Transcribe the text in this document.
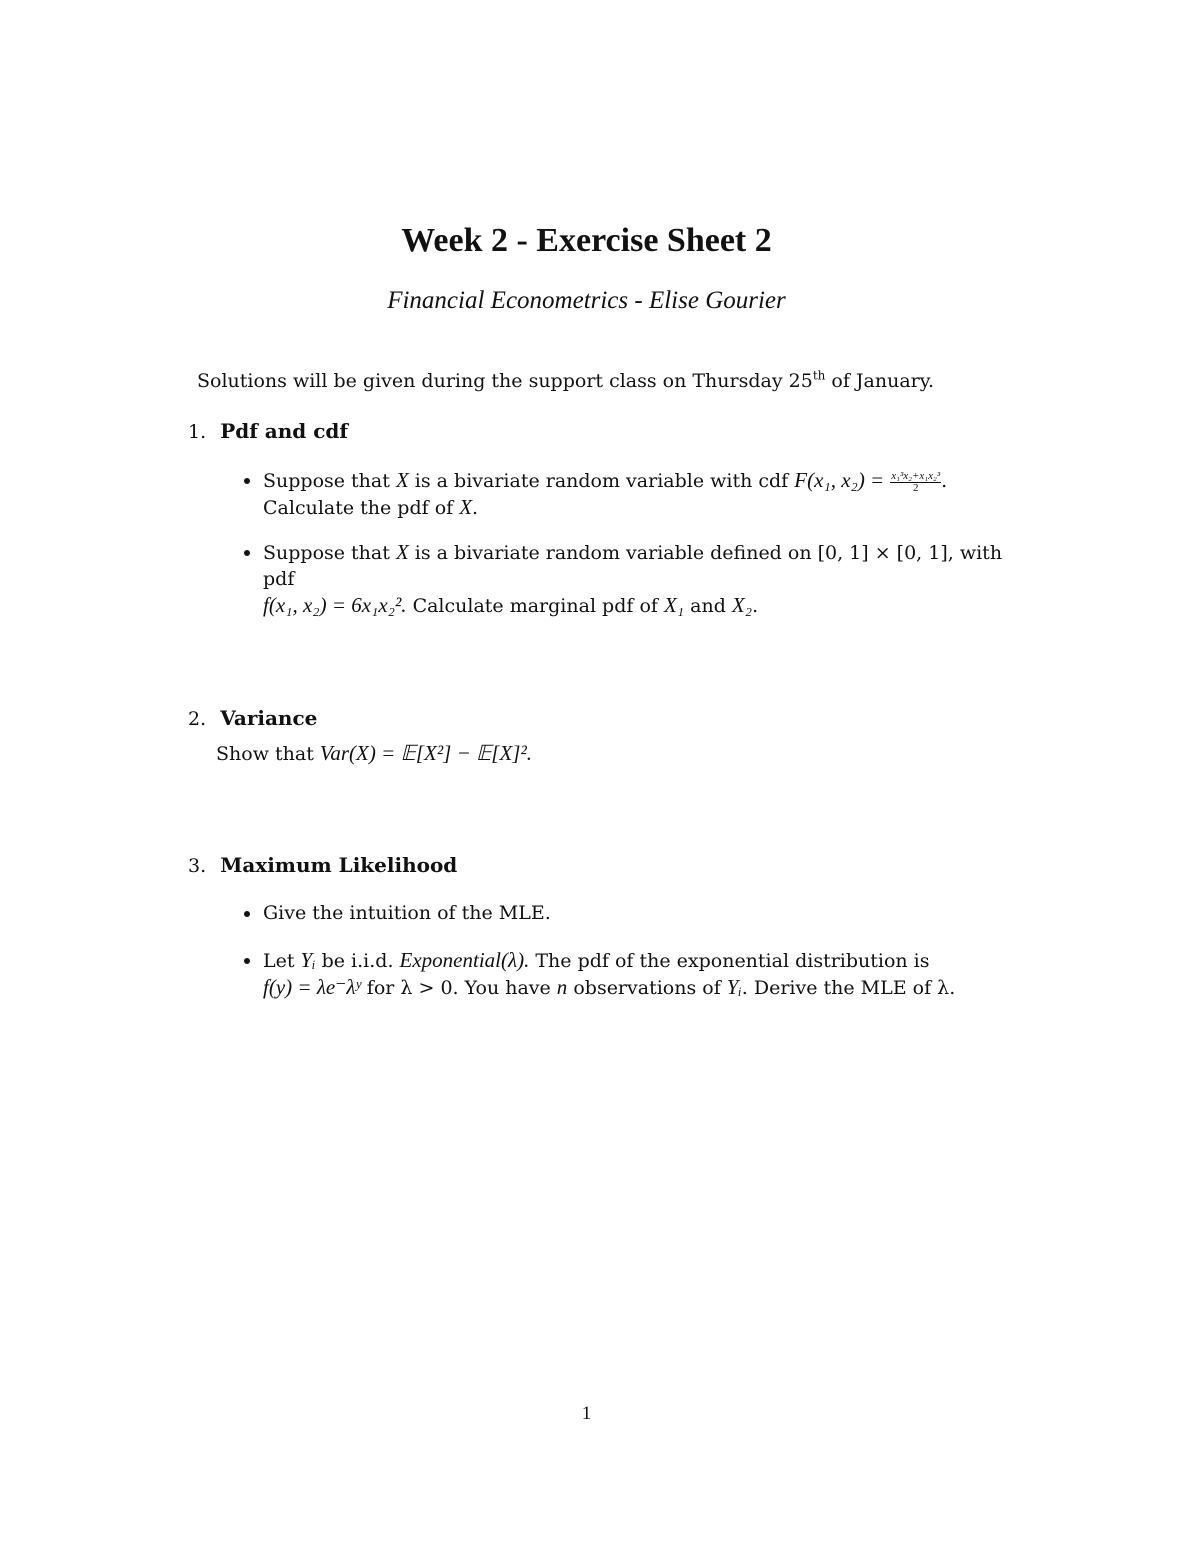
Week 2 - Exercise Sheet 2
Financial Econometrics - Elise Gourier
Solutions will be given during the support class on Thursday 25th of January.
1. Pdf and cdf
Suppose that X is a bivariate random variable with cdf F(x₁, $x_2) = \frac{\text{x₁³x₂+x₁x₂³}}{2}$ .
Calculate the pdf of X.
Suppose that X is a bivariate random variable defined on [0, 1] × [0, 1], with pdf
f(x₁, x₂) = 6x₁x₂². Calculate marginal pdf of X₁ and X₂.
2. Variance
Show that Var(X) = 𝔼[X²] − 𝔼[X]².
3. Maximum Likelihood
Give the intuition of the MLE.
Let Yᵢ be i.i.d. Exponential(λ). The pdf of the exponential distribution is
f(y) = λe⁻λʸ for λ > 0. You have n observations of Yᵢ. Derive the MLE of λ.
1
